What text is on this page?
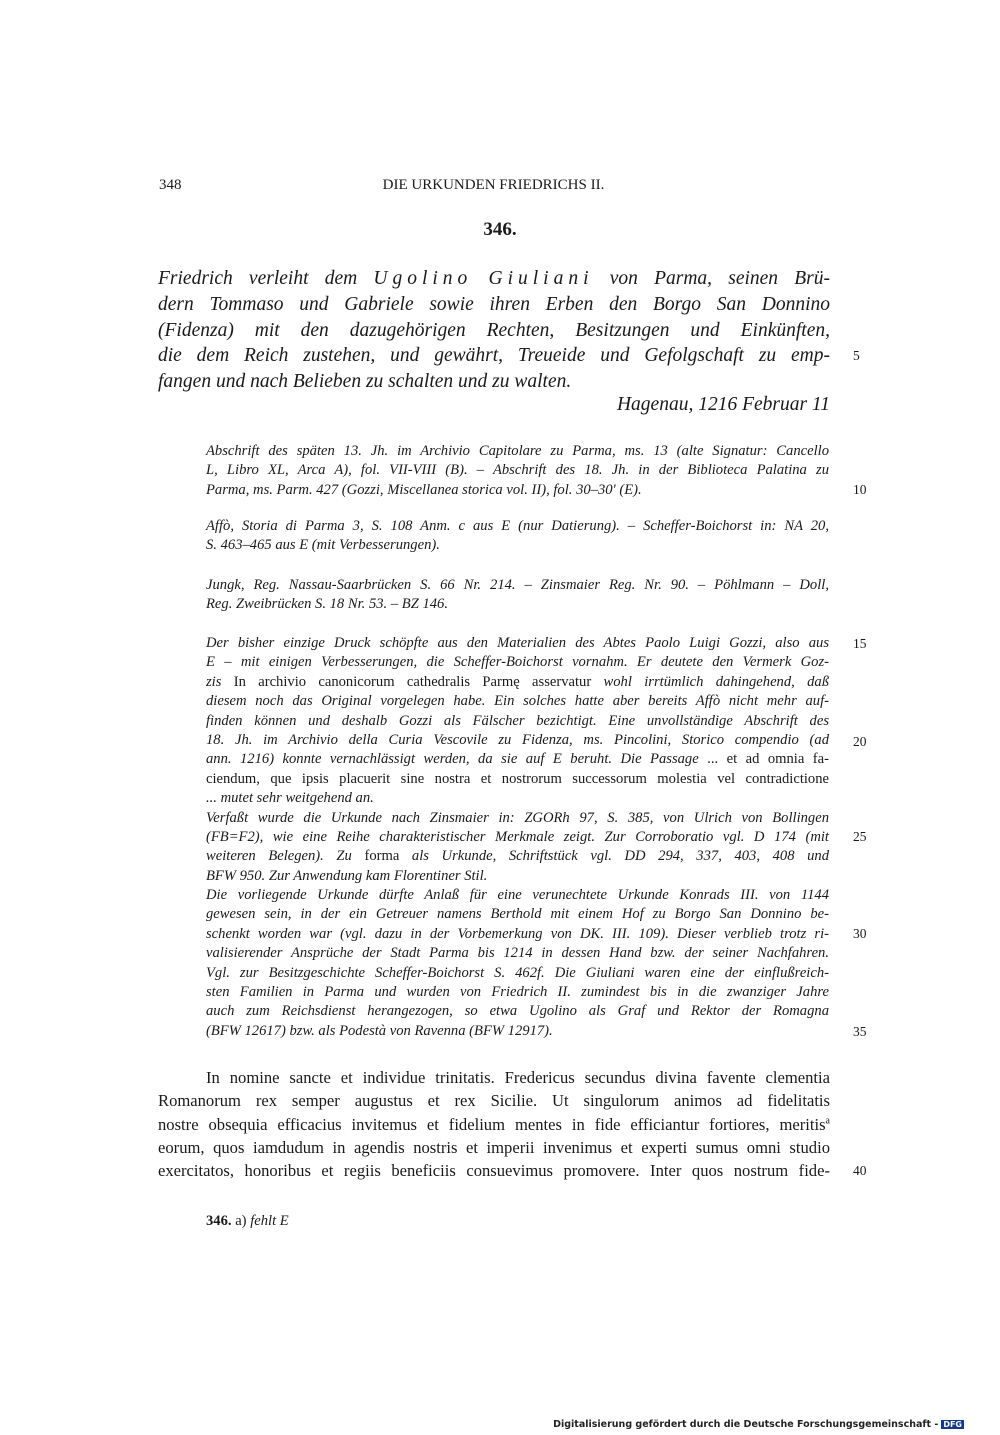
348	DIE URKUNDEN FRIEDRICHS II.
346.
Friedrich verleiht dem Ugolino Giuliani von Parma, seinen Brü-
dern Tommaso und Gabriele sowie ihren Erben den Borgo San Donnino
(Fidenza) mit den dazugehörigen Rechten, Besitzungen und Einkünften,
die dem Reich zustehen, und gewährt, Treueide und Gefolgschaft zu emp-
fangen und nach Belieben zu schalten und zu walten.
Hagenau, 1216 Februar 11
Abschrift des späten 13. Jh. im Archivio Capitolare zu Parma, ms. 13 (alte Signatur: Cancello
L, Libro XL, Arca A), fol. VII-VIII (B). – Abschrift des 18. Jh. in der Biblioteca Palatina zu
Parma, ms. Parm. 427 (Gozzi, Miscellanea storica vol. II), fol. 30–30' (E).
Affò, Storia di Parma 3, S. 108 Anm. c aus E (nur Datierung). – Scheffer-Boichorst in: NA 20,
S. 463–465 aus E (mit Verbesserungen).
Jungk, Reg. Nassau-Saarbrücken S. 66 Nr. 214. – Zinsmaier Reg. Nr. 90. – Pöhlmann – Doll,
Reg. Zweibrücken S. 18 Nr. 53. – BZ 146.
Der bisher einzige Druck schöpfte aus den Materialien des Abtes Paolo Luigi Gozzi, also aus
E – mit einigen Verbesserungen, die Scheffer-Boichorst vornahm. Er deutete den Vermerk Goz-
zis In archivio canonicorum cathedralis Parmę asservatur wohl irrtümlich dahingehend, daß
diesem noch das Original vorgelegen habe. Ein solches hatte aber bereits Affò nicht mehr auf-
finden können und deshalb Gozzi als Fälscher bezichtigt. Eine unvollständige Abschrift des
18. Jh. im Archivio della Curia Vescovile zu Fidenza, ms. Pincolini, Storico compendio (ad
ann. 1216) konnte vernachlässigt werden, da sie auf E beruht. Die Passage ... et ad omnia fa-
ciendum, que ipsis placuerit sine nostra et nostrorum successorum molestia vel contradictione
... mutet sehr weitgehend an.
Verfaßt wurde die Urkunde nach Zinsmaier in: ZGORh 97, S. 385, von Ulrich von Bollingen
(FB=F2), wie eine Reihe charakteristischer Merkmale zeigt. Zur Corroboratio vgl. D 174 (mit
weiteren Belegen). Zu forma als Urkunde, Schriftstück vgl. DD 294, 337, 403, 408 und
BFW 950. Zur Anwendung kam Florentiner Stil.
Die vorliegende Urkunde dürfte Anlaß für eine verunechtete Urkunde Konrads III. von 1144
gewesen sein, in der ein Getreuer namens Berthold mit einem Hof zu Borgo San Donnino be-
schenkt worden war (vgl. dazu in der Vorbemerkung von DK. III. 109). Dieser verblieb trotz ri-
valisierender Ansprüche der Stadt Parma bis 1214 in dessen Hand bzw. der seiner Nachfahren.
Vgl. zur Besitzgeschichte Scheffer-Boichorst S. 462f. Die Giuliani waren eine der einflußreich-
sten Familien in Parma und wurden von Friedrich II. zumindest bis in die zwanziger Jahre
auch zum Reichsdienst herangezogen, so etwa Ugolino als Graf und Rektor der Romagna
(BFW 12617) bzw. als Podestà von Ravenna (BFW 12917).
5
10
15
20
25
30
35
40
In nomine sancte et individue trinitatis. Fredericus secundus divina favente clementia
Romanorum rex semper augustus et rex Sicilie. Ut singulorum animos ad fidelitatis
nostre obsequia efficacius invitemus et fidelium mentes in fide efficiantur fortiores, meritis$^a$
eorum, quos iamdudum in agendis nostris et imperii invenimus et experti sumus omni studio
exercitatos, honoribus et regiis beneficiis consuevimus promovere. Inter quos nostrum fide-
346. a) fehlt E
Digitalisierung gefördert durch die Deutsche Forschungsgemeinschaft - DFG
